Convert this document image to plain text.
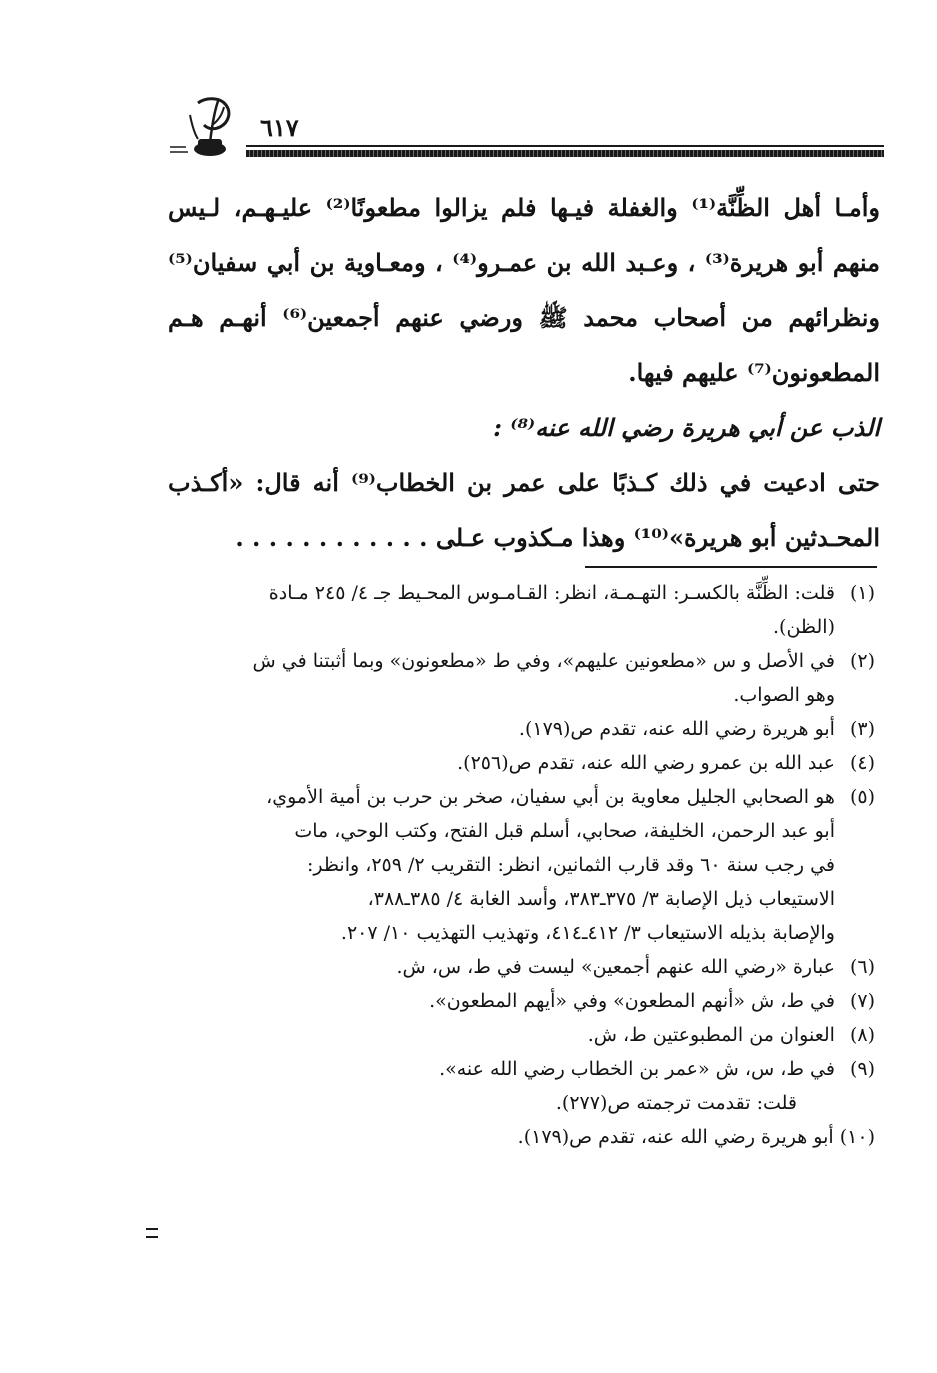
٦١٧

وأمـا أهل الظِّنَّة⁽¹⁾ والغفلة فيـها فلم يزالوا مطعونًا⁽²⁾ عليـهـم، لـيس منهم أبو هريرة⁽³⁾ ، وعـبد الله بن عمـرو⁽⁴⁾ ، ومعـاوية بن أبي سفيان⁽⁵⁾ ونظرائهم من أصحاب محمد ﷺ ورضي عنهم أجمعين⁽⁶⁾ أنهـم هـم المطعونون⁽⁷⁾ عليهم فيها.

الذب عن أبي هريرة رضي الله عنه⁽⁸⁾ :

حتى ادعيت في ذلك كـذبًا على عمر بن الخطاب⁽⁹⁾ أنه قال: «أكـذب المحـدثين أبو هريرة»⁽¹⁰⁾ وهذا مـكذوب عـلى . . . . . . . . . . . .

(١) قلت: الظِّنَّة بالكسـر: التهـمـة، انظر: القـامـوس المحـيط جـ ٤/ ٢٤٥ مـادة

(الظن).

(٢) في الأصل و س «مطعونين عليهم»، وفي ط «مطعونون» وبما أثبتنا في ش

وهو الصواب.

(٣) أبو هريرة رضي الله عنه، تقدم ص(١٧٩).

(٤) عبد الله بن عمرو رضي الله عنه، تقدم ص(٢٥٦).

(٥) هو الصحابي الجليل معاوية بن أبي سفيان، صخر بن حرب بن أمية الأموي،

أبو عبد الرحمن، الخليفة، صحابي، أسلم قبل الفتح، وكتب الوحي، مات

في رجب سنة ٦٠ وقد قارب الثمانين، انظر: التقريب ٢/ ٢٥٩، وانظر:

الاستيعاب ذيل الإصابة ٣/ ٣٧٥ـ٣٨٣، وأسد الغابة ٤/ ٣٨٥ـ٣٨٨،

والإصابة بذيله الاستيعاب ٣/ ٤١٢ـ٤١٤، وتهذيب التهذيب ١٠/ ٢٠٧.

(٦) عبارة «رضي الله عنهم أجمعين» ليست في ط، س، ش.

(٧) في ط، ش «أنهم المطعون» وفي «أيهم المطعون».

(٨) العنوان من المطبوعتين ط، ش.

(٩) في ط، س، ش «عمر بن الخطاب رضي الله عنه».

قلت: تقدمت ترجمته ص(٢٧٧).

(١٠) أبو هريرة رضي الله عنه، تقدم ص(١٧٩).
